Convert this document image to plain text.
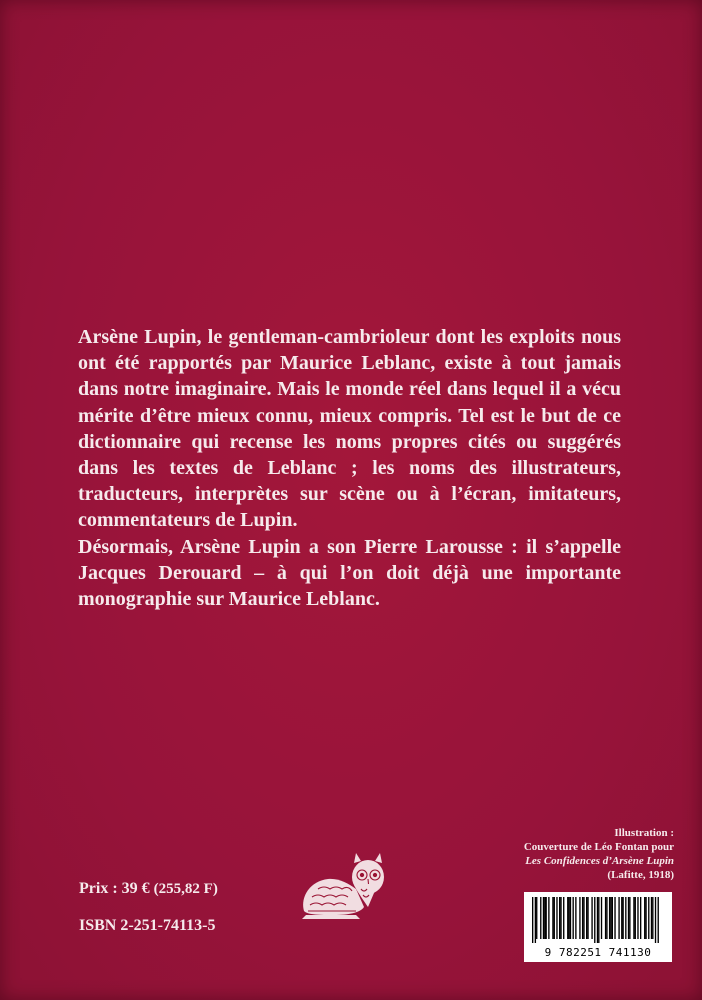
Arsène Lupin, le gentleman-cambrioleur dont les exploits nous ont été rapportés par Maurice Leblanc, existe à tout jamais dans notre imaginaire. Mais le monde réel dans lequel il a vécu mérite d’être mieux connu, mieux compris. Tel est le but de ce dictionnaire qui recense les noms propres cités ou suggérés dans les textes de Leblanc ; les noms des illustrateurs, traducteurs, interprètes sur scène ou à l’écran, imitateurs, commentateurs de Lupin.

Désormais, Arsène Lupin a son Pierre Larousse : il s’appelle Jacques Derouard – à qui l’on doit déjà une importante monographie sur Maurice Leblanc.

Illustration :
Couverture de Léo Fontan pour
Les Confidences d’Arsène Lupin
(Lafitte, 1918)
Prix : 39 € (255,82 F)
ISBN 2-251-74113-5
9 782251 741130
